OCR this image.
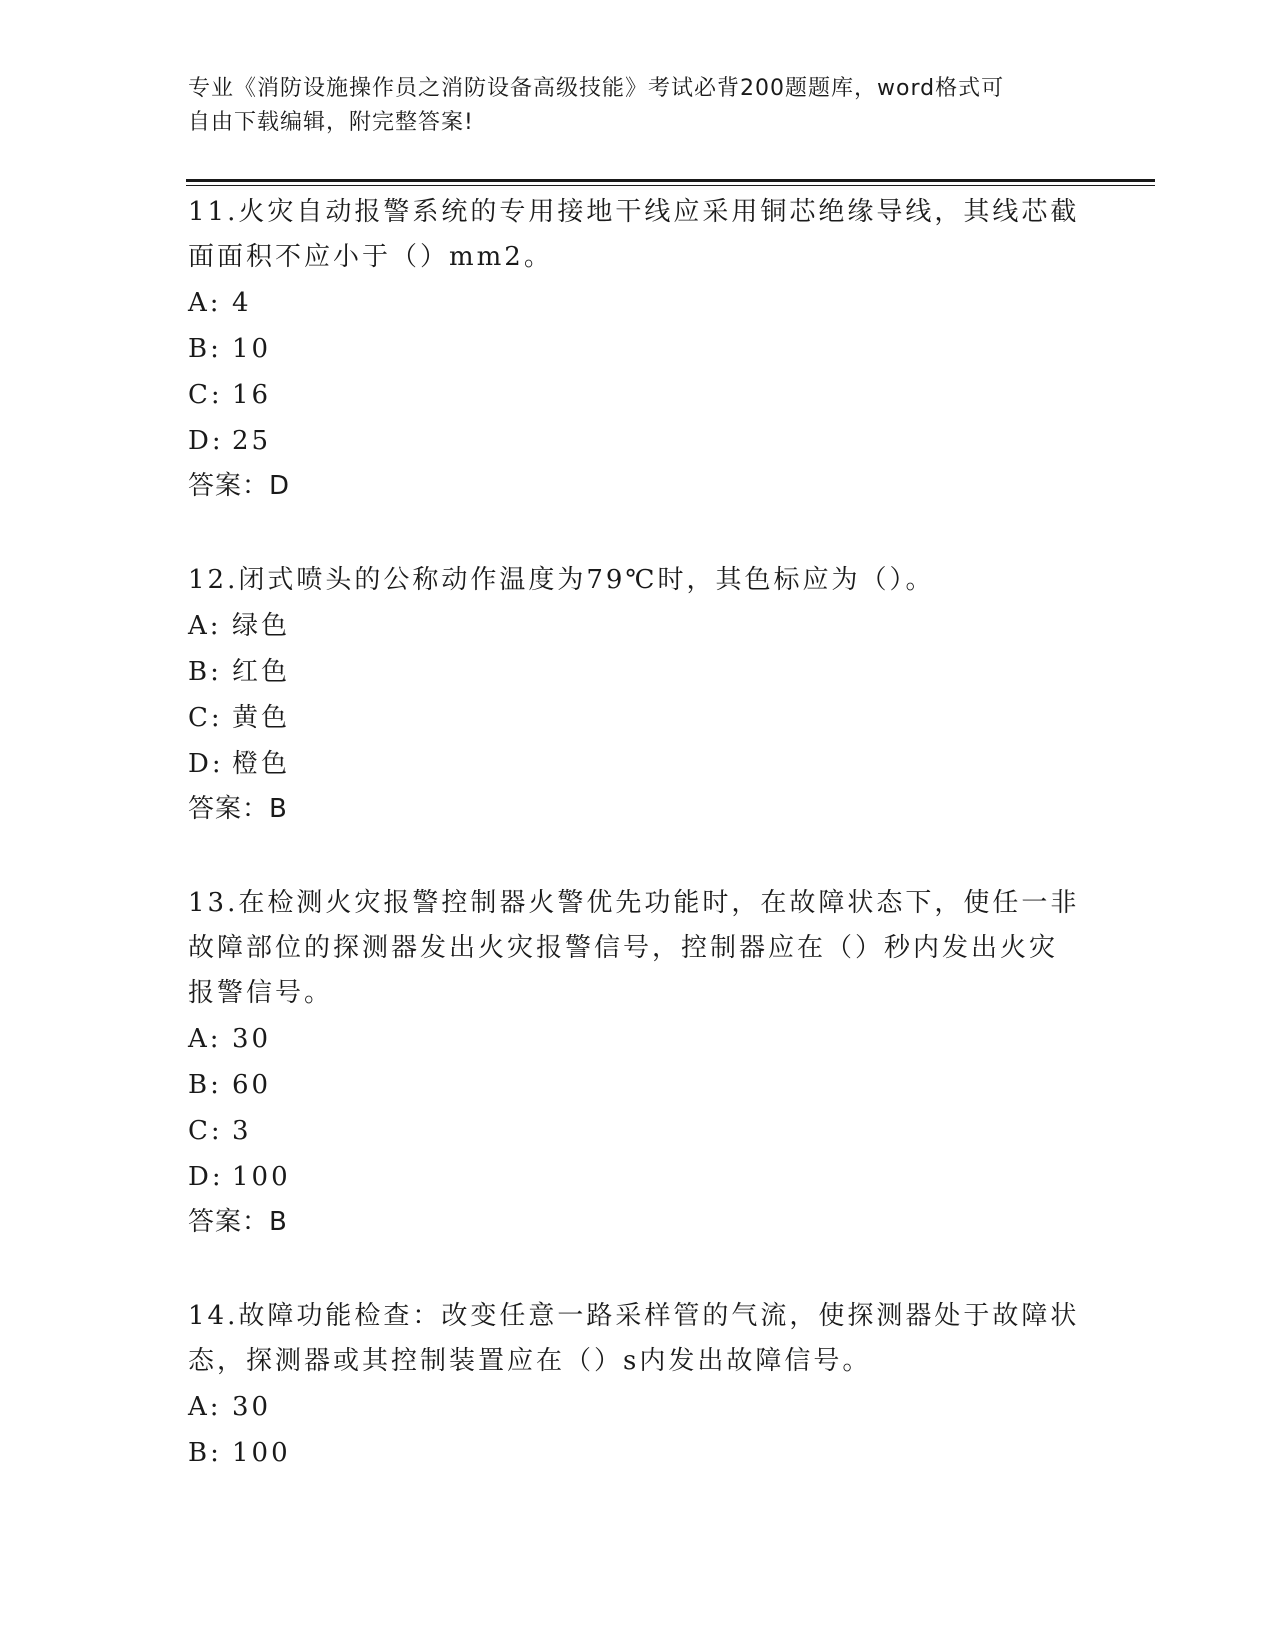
专业《消防设施操作员之消防设备高级技能》考试必背200题题库，word格式可
自由下载编辑，附完整答案!
11.火灾自动报警系统的专用接地干线应采用铜芯绝缘导线，其线芯截
面面积不应小于（）mm2。
A: 4
B: 10
C: 16
D: 25
答案：D
12.闭式喷头的公称动作温度为79℃时，其色标应为（）。
A: 绿色
B: 红色
C: 黄色
D: 橙色
答案：B
13.在检测火灾报警控制器火警优先功能时，在故障状态下，使任一非
故障部位的探测器发出火灾报警信号，控制器应在（）秒内发出火灾
报警信号。
A: 30
B: 60
C: 3
D: 100
答案：B
14.故障功能检查：改变任意一路采样管的气流，使探测器处于故障状
态，探测器或其控制装置应在（）s内发出故障信号。
A: 30
B: 100
